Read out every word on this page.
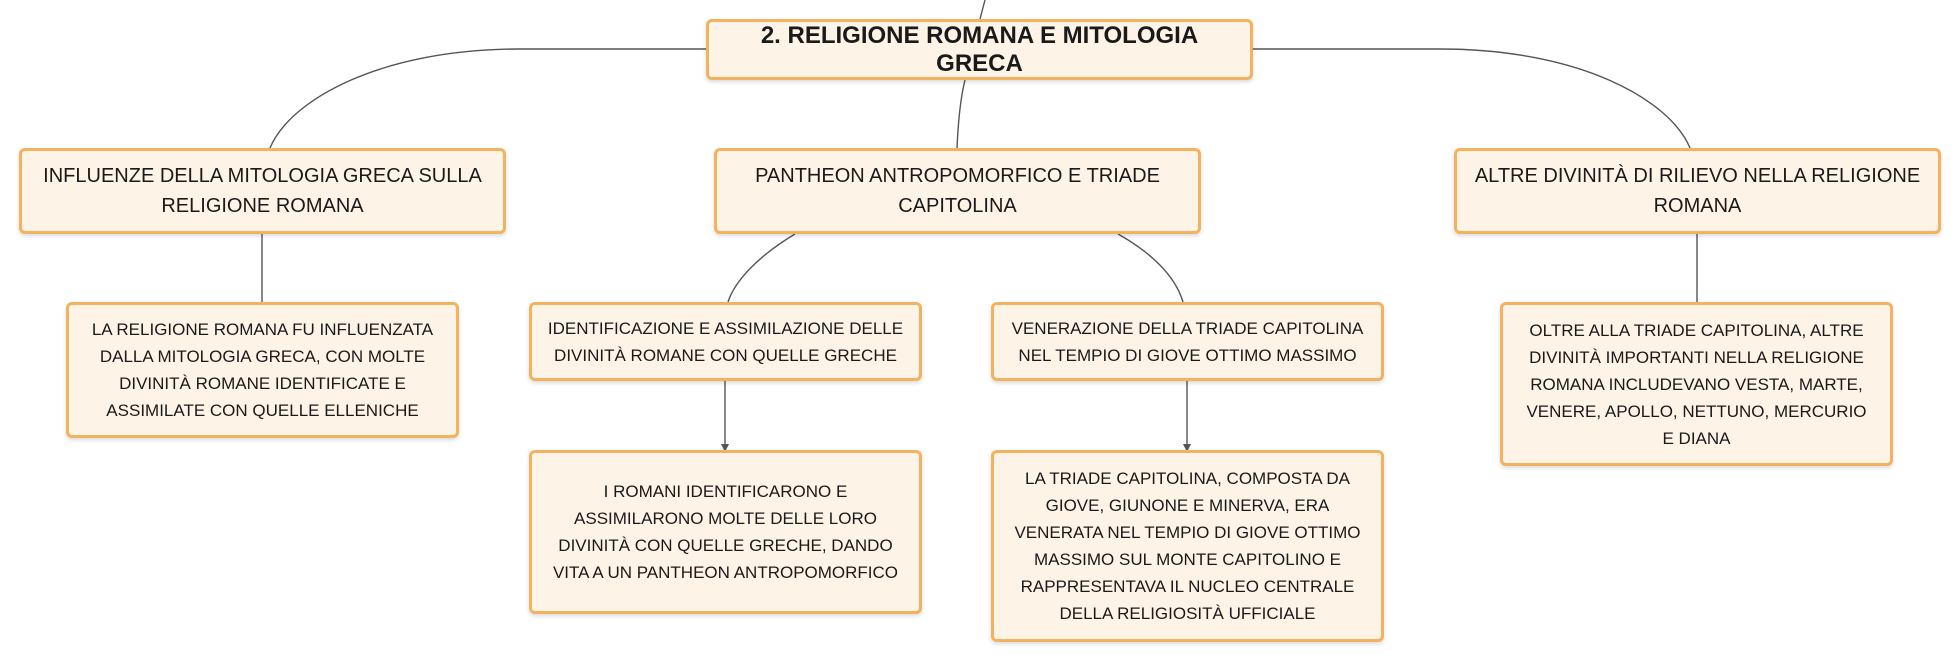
2. RELIGIONE ROMANA E MITOLOGIA GRECA
INFLUENZE DELLA MITOLOGIA GRECA SULLA RELIGIONE ROMANA
PANTHEON ANTROPOMORFICO E TRIADE CAPITOLINA
ALTRE DIVINITÀ DI RILIEVO NELLA RELIGIONE ROMANA
LA RELIGIONE ROMANA FU INFLUENZATA DALLA MITOLOGIA GRECA, CON MOLTE DIVINITÀ ROMANE IDENTIFICATE E ASSIMILATE CON QUELLE ELLENICHE
IDENTIFICAZIONE E ASSIMILAZIONE DELLE DIVINITÀ ROMANE CON QUELLE GRECHE
VENERAZIONE DELLA TRIADE CAPITOLINA NEL TEMPIO DI GIOVE OTTIMO MASSIMO
OLTRE ALLA TRIADE CAPITOLINA, ALTRE DIVINITÀ IMPORTANTI NELLA RELIGIONE ROMANA INCLUDEVANO VESTA, MARTE, VENERE, APOLLO, NETTUNO, MERCURIO E DIANA
I ROMANI IDENTIFICARONO E ASSIMILARONO MOLTE DELLE LORO DIVINITÀ CON QUELLE GRECHE, DANDO VITA A UN PANTHEON ANTROPOMORFICO
LA TRIADE CAPITOLINA, COMPOSTA DA GIOVE, GIUNONE E MINERVA, ERA VENERATA NEL TEMPIO DI GIOVE OTTIMO MASSIMO SUL MONTE CAPITOLINO E RAPPRESENTAVA IL NUCLEO CENTRALE DELLA RELIGIOSITÀ UFFICIALE
